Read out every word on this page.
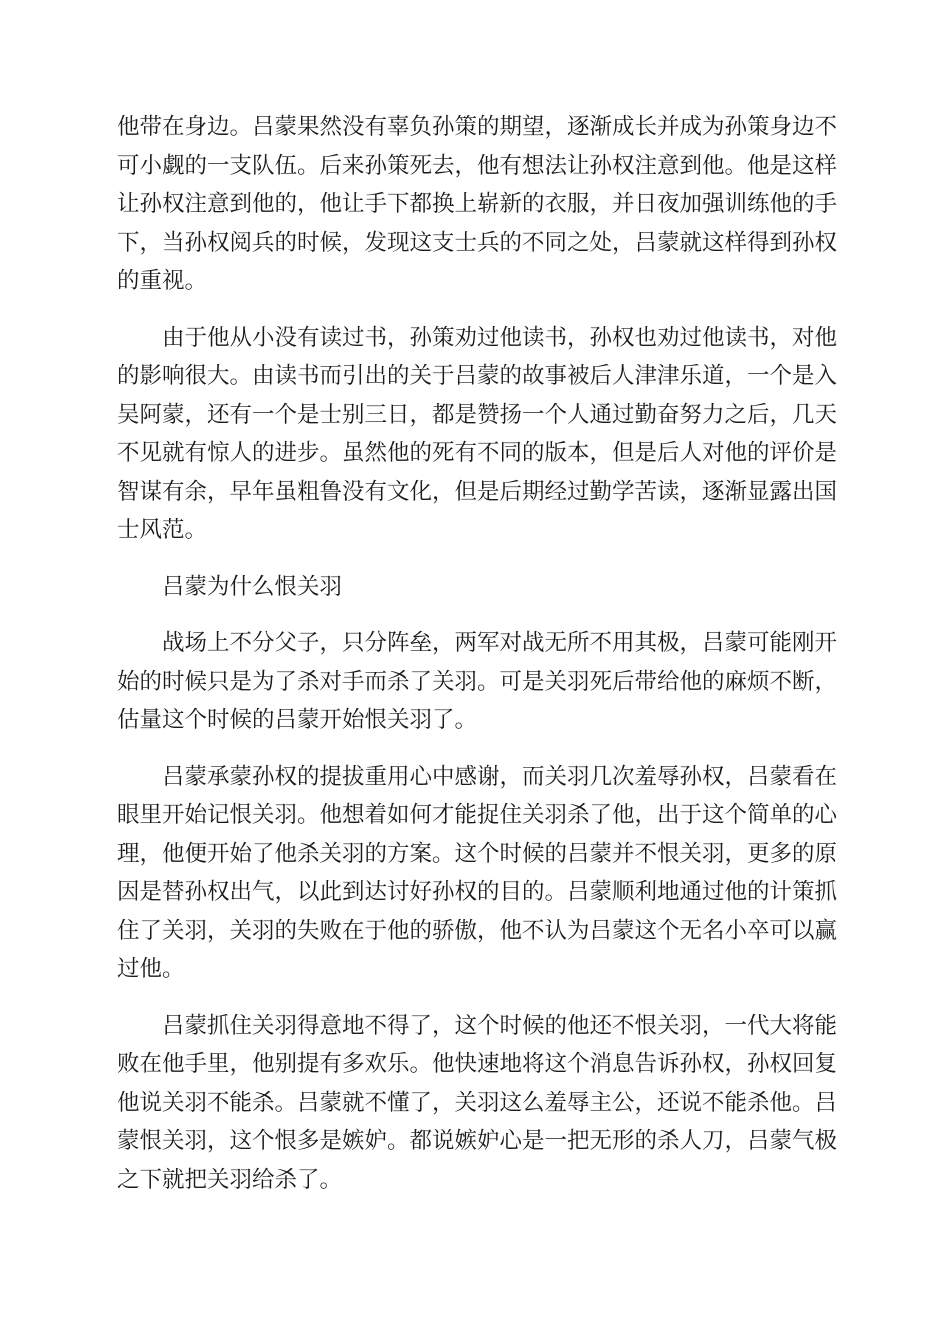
他带在身边。吕蒙果然没有辜负孙策的期望，逐渐成长并成为孙策身边不可小觑的一支队伍。后来孙策死去，他有想法让孙权注意到他。他是这样让孙权注意到他的，他让手下都换上崭新的衣服，并日夜加强训练他的手下，当孙权阅兵的时候，发现这支士兵的不同之处，吕蒙就这样得到孙权的重视。

由于他从小没有读过书，孙策劝过他读书，孙权也劝过他读书，对他的影响很大。由读书而引出的关于吕蒙的故事被后人津津乐道，一个是入吴阿蒙，还有一个是士别三日，都是赞扬一个人通过勤奋努力之后，几天不见就有惊人的进步。虽然他的死有不同的版本，但是后人对他的评价是智谋有余，早年虽粗鲁没有文化，但是后期经过勤学苦读，逐渐显露出国士风范。

吕蒙为什么恨关羽

战场上不分父子，只分阵垒，两军对战无所不用其极，吕蒙可能刚开始的时候只是为了杀对手而杀了关羽。可是关羽死后带给他的麻烦不断，估量这个时候的吕蒙开始恨关羽了。

吕蒙承蒙孙权的提拔重用心中感谢，而关羽几次羞辱孙权，吕蒙看在眼里开始记恨关羽。他想着如何才能捉住关羽杀了他，出于这个简单的心理，他便开始了他杀关羽的方案。这个时候的吕蒙并不恨关羽，更多的原因是替孙权出气，以此到达讨好孙权的目的。吕蒙顺利地通过他的计策抓住了关羽，关羽的失败在于他的骄傲，他不认为吕蒙这个无名小卒可以赢过他。

吕蒙抓住关羽得意地不得了，这个时候的他还不恨关羽，一代大将能败在他手里，他别提有多欢乐。他快速地将这个消息告诉孙权，孙权回复他说关羽不能杀。吕蒙就不懂了，关羽这么羞辱主公，还说不能杀他。吕蒙恨关羽，这个恨多是嫉妒。都说嫉妒心是一把无形的杀人刀，吕蒙气极之下就把关羽给杀了。
